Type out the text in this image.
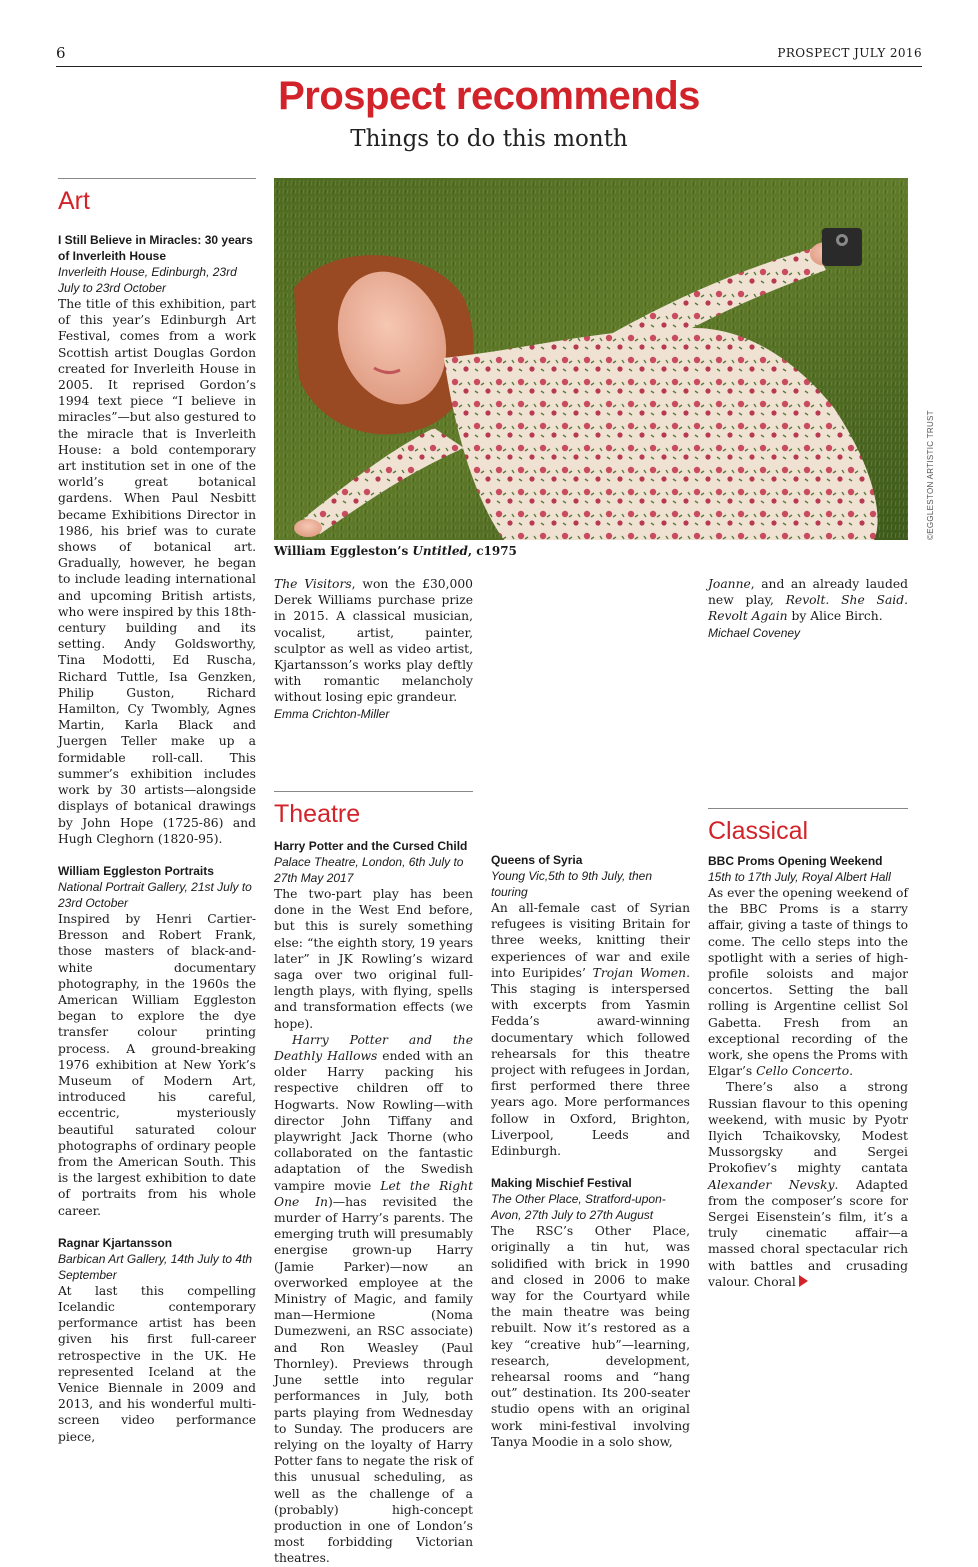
6	PROSPECT JULY 2016
Prospect recommends
Things to do this month
William Eggleston’s Untitled, c1975
©EGGLESTON ARTISTIC TRUST
Art

I Still Believe in Miracles: 30 years of Inverleith House

Inverleith House, Edinburgh, 23rd July to 23rd October

The title of this exhibition, part of this year’s Edinburgh Art Festival, comes from a work Scottish artist Douglas Gordon created for Inverleith House in 2005. It reprised Gordon’s 1994 text piece “I believe in miracles”—but also gestured to the miracle that is Inverleith House: a bold contemporary art institution set in one of the world’s great botanical gardens. When Paul Nesbitt became Exhibitions Director in 1986, his brief was to curate shows of botanical art. Gradually, however, he began to include leading international and upcoming British artists, who were inspired by this 18th-century building and its setting. Andy Goldsworthy, Tina Modotti, Ed Ruscha, Richard Tuttle, Isa Genzken, Philip Guston, Richard Hamilton, Cy Twombly, Agnes Martin, Karla Black and Juergen Teller make up a formidable roll-call. This summer’s exhibition includes work by 30 artists—alongside displays of botanical drawings by John Hope (1725-86) and Hugh Cleghorn (1820-95).

William Eggleston Portraits

National Portrait Gallery, 21st July to 23rd October

Inspired by Henri Cartier-Bresson and Robert Frank, those masters of black-and-white documentary photography, in the 1960s the American William Eggleston began to explore the dye transfer colour printing process. A ground-breaking 1976 exhibition at New York’s Museum of Modern Art, introduced his careful, eccentric, mysteriously beautiful saturated colour photographs of ordinary people from the American South. This is the largest exhibition to date of portraits from his whole career.

Ragnar Kjartansson

Barbican Art Gallery, 14th July to 4th September

At last this compelling Icelandic contemporary performance artist has been given his first full-career retrospective in the UK. He represented Iceland at the Venice Biennale in 2009 and 2013, and his wonderful multi-screen video performance piece,

The Visitors, won the £30,000 Derek Williams purchase prize in 2015. A classical musician, vocalist, artist, painter, sculptor as well as video artist, Kjartansson’s works play deftly with romantic melancholy without losing epic grandeur.

Emma Crichton-Miller

Theatre

Harry Potter and the Cursed Child

Palace Theatre, London, 6th July to 27th May 2017

The two-part play has been done in the West End before, but this is surely something else: “the eighth story, 19 years later” in JK Rowling’s wizard saga over two original full-length plays, with flying, spells and transformation effects (we hope).

Harry Potter and the Deathly Hallows ended with an older Harry packing his respective children off to Hogwarts. Now Rowling—with director John Tiffany and playwright Jack Thorne (who collaborated on the fantastic adaptation of the Swedish vampire movie Let the Right One In)—has revisited the murder of Harry’s parents. The emerging truth will presumably energise grown-up Harry (Jamie Parker)—now an overworked employee at the Ministry of Magic, and family man—Hermione (Noma Dumezweni, an RSC associate) and Ron Weasley (Paul Thornley). Previews through June settle into regular performances in July, both parts playing from Wednesday to Sunday. The producers are relying on the loyalty of Harry Potter fans to negate the risk of this unusual scheduling, as well as the challenge of a (probably) high-concept production in one of London’s most forbidding Victorian theatres.

Queens of Syria

Young Vic,5th to 9th July, then touring

An all-female cast of Syrian refugees is visiting Britain for three weeks, knitting their experiences of war and exile into Euripides’ Trojan Women. This staging is interspersed with excerpts from Yasmin Fedda’s award-winning documentary which followed rehearsals for this theatre project with refugees in Jordan, first performed there three years ago. More performances follow in Oxford, Brighton, Liverpool, Leeds and Edinburgh.

Making Mischief Festival

The Other Place, Stratford-upon-Avon, 27th July to 27th August

The RSC’s Other Place, originally a tin hut, was solidified with brick in 1990 and closed in 2006 to make way for the Courtyard while the main theatre was being rebuilt. Now it’s restored as a key “creative hub”—learning, research, development, rehearsal rooms and “hang out” destination. Its 200-seater studio opens with an original work mini-festival involving Tanya Moodie in a solo show,

Joanne, and an already lauded new play, Revolt. She Said. Revolt Again by Alice Birch.

Michael Coveney

Classical

BBC Proms Opening Weekend

15th to 17th July, Royal Albert Hall

As ever the opening weekend of the BBC Proms is a starry affair, giving a taste of things to come. The cello steps into the spotlight with a series of high-profile soloists and major concertos. Setting the ball rolling is Argentine cellist Sol Gabetta. Fresh from an exceptional recording of the work, she opens the Proms with Elgar’s Cello Concerto.

There’s also a strong Russian flavour to this opening weekend, with music by Pyotr Ilyich Tchaikovsky, Modest Mussorgsky and Sergei Prokofiev’s mighty cantata Alexander Nevsky. Adapted from the composer’s score for Sergei Eisenstein’s film, it’s a truly cinematic affair—a massed choral spectacular rich with battles and crusading valour. Choral
